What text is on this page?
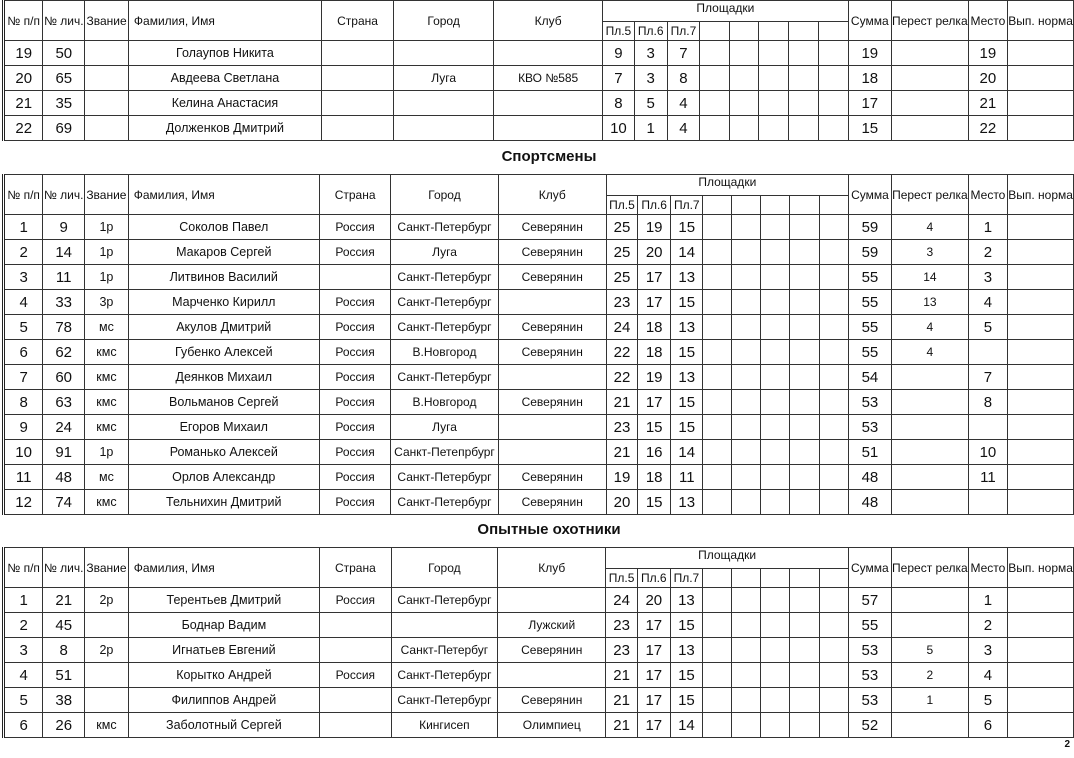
Спортсмены
Опытные охотники
№ п/п	№ лич.	Звание	Фамилия, Имя	Страна	Город	Клуб	Площадки								Сумма	Перест релка	Место	Вып. норма
							Пл.5	Пл.6	Пл.7									
19	50		Голаупов Никита				9	3	7						19		19	
20	65		Авдеева Светлана		Луга	КВО №585	7	3	8						18		20	
21	35		Келина Анастасия				8	5	4						17		21	
22	69		Долженков Дмитрий				10	1	4						15		22	
№ п/п	№ лич.	Звание	Фамилия, Имя	Страна	Город	Клуб	Площадки								Сумма	Перест релка	Место	Вып. норма
							Пл.5	Пл.6	Пл.7									
1	9	1р	Соколов Павел	Россия	Санкт-Петербург	Северянин	25	19	15						59	4	1	
2	14	1р	Макаров Сергей	Россия	Луга	Северянин	25	20	14						59	3	2	
3	11	1р	Литвинов Василий		Санкт-Петербург	Северянин	25	17	13						55	14	3	
4	33	3р	Марченко Кирилл	Россия	Санкт-Петербург		23	17	15						55	13	4	
5	78	мс	Акулов Дмитрий	Россия	Санкт-Петербург	Северянин	24	18	13						55	4	5	
6	62	кмс	Губенко Алексей	Россия	В.Новгород	Северянин	22	18	15						55	4		
7	60	кмс	Деянков Михаил	Россия	Санкт-Петербург		22	19	13						54		7	
8	63	кмс	Вольманов Сергей	Россия	В.Новгород	Северянин	21	17	15						53		8	
9	24	кмс	Егоров Михаил	Россия	Луга		23	15	15						53			
10	91	1р	Романько Алексей	Россия	Санкт-Петепрбург		21	16	14						51		10	
11	48	мс	Орлов Александр	Россия	Санкт-Петербург	Северянин	19	18	11						48		11	
12	74	кмс	Тельнихин Дмитрий	Россия	Санкт-Петербург	Северянин	20	15	13						48			
№ п/п	№ лич.	Звание	Фамилия, Имя	Страна	Город	Клуб	Площадки								Сумма	Перест релка	Место	Вып. норма
							Пл.5	Пл.6	Пл.7									
1	21	2р	Терентьев Дмитрий	Россия	Санкт-Петербург		24	20	13						57		1	
2	45		Боднар Вадим			Лужский	23	17	15						55		2	
3	8	2р	Игнатьев Евгений		Санкт-Петербуг	Северянин	23	17	13						53	5	3	
4	51		Корытко Андрей	Россия	Санкт-Петербург		21	17	15						53	2	4	
5	38		Филиппов Андрей		Санкт-Петербург	Северянин	21	17	15						53	1	5	
6	26	кмс	Заболотный Сергей		Кингисеп	Олимпиец	21	17	14						52		6	
2
